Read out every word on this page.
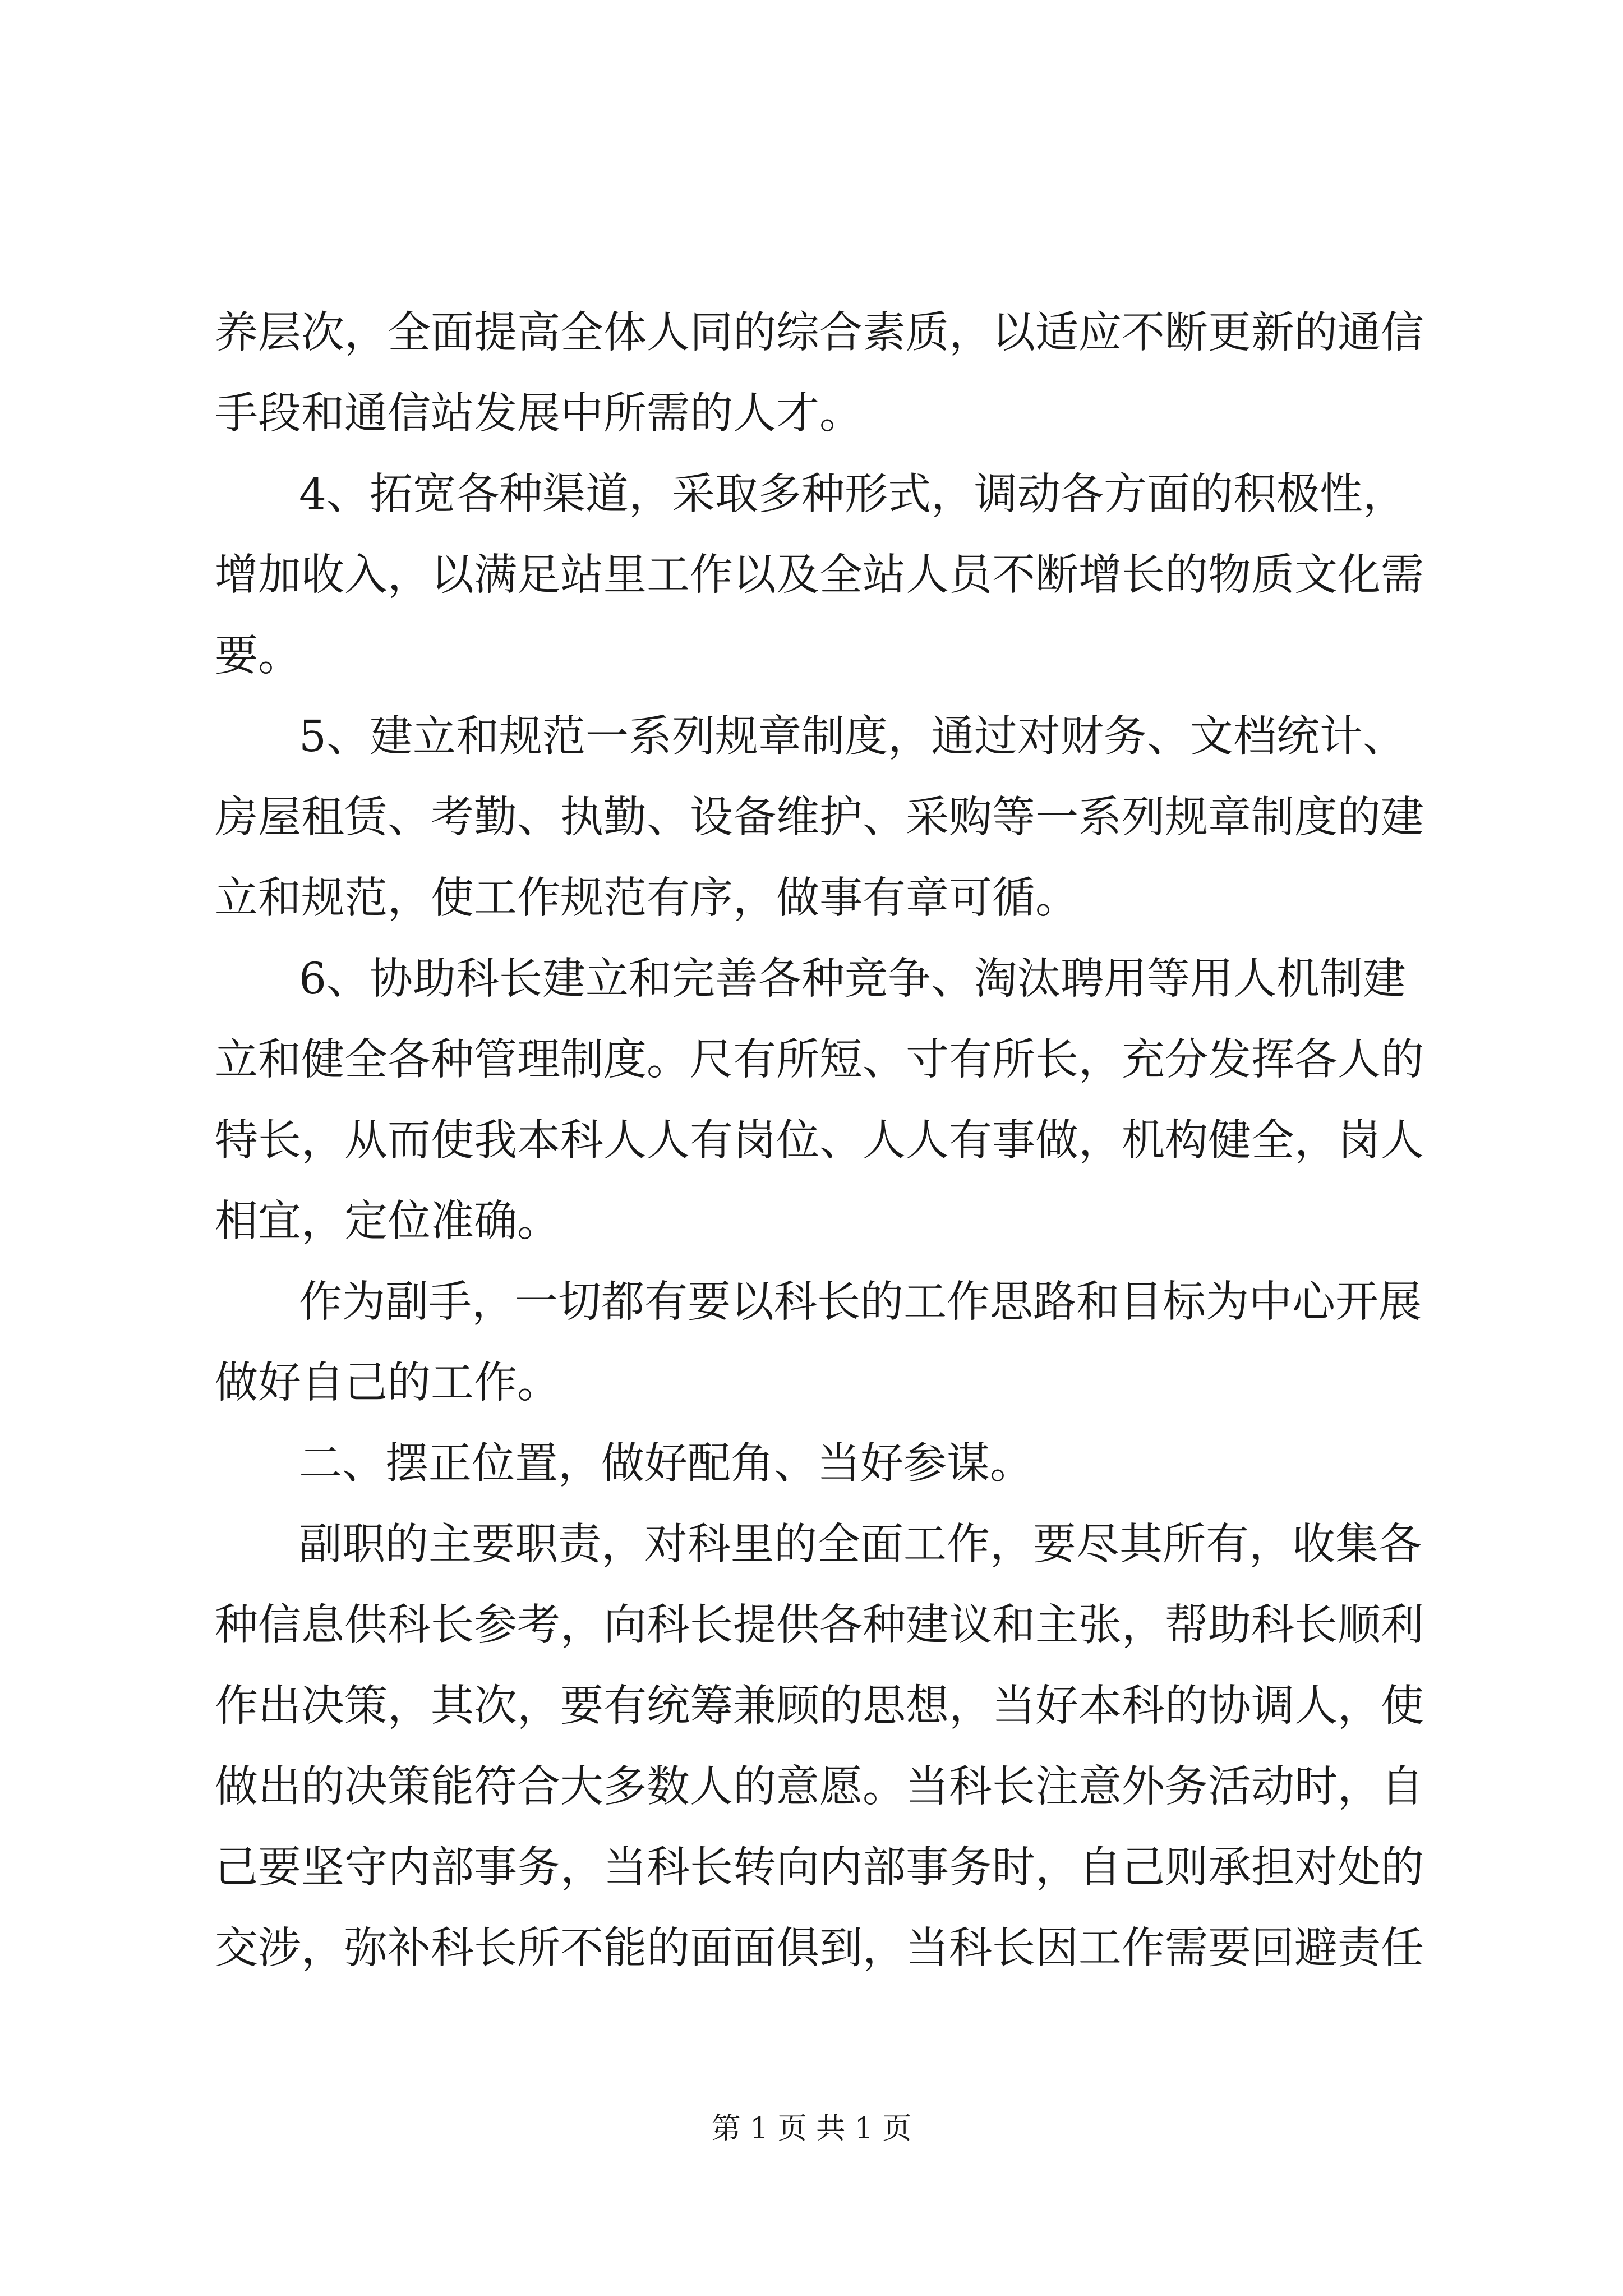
养层次，全面提高全体人同的综合素质，以适应不断更新的通信
手段和通信站发展中所需的人才。
4、拓宽各种渠道，采取多种形式，调动各方面的积极性，
增加收入，以满足站里工作以及全站人员不断增长的物质文化需
要。
5、建立和规范一系列规章制度，通过对财务、文档统计、
房屋租赁、考勤、执勤、设备维护、采购等一系列规章制度的建
立和规范，使工作规范有序，做事有章可循。
6、协助科长建立和完善各种竞争、淘汰聘用等用人机制建
立和健全各种管理制度。尺有所短、寸有所长，充分发挥各人的
特长，从而使我本科人人有岗位、人人有事做，机构健全，岗人
相宜，定位准确。
作为副手，一切都有要以科长的工作思路和目标为中心开展
做好自己的工作。
二、摆正位置，做好配角、当好参谋。
副职的主要职责，对科里的全面工作，要尽其所有，收集各
种信息供科长参考，向科长提供各种建议和主张，帮助科长顺利
作出决策，其次，要有统筹兼顾的思想，当好本科的协调人，使
做出的决策能符合大多数人的意愿。当科长注意外务活动时，自
己要坚守内部事务，当科长转向内部事务时，自己则承担对处的
交涉，弥补科长所不能的面面俱到，当科长因工作需要回避责任
第 1 页 共 1 页
